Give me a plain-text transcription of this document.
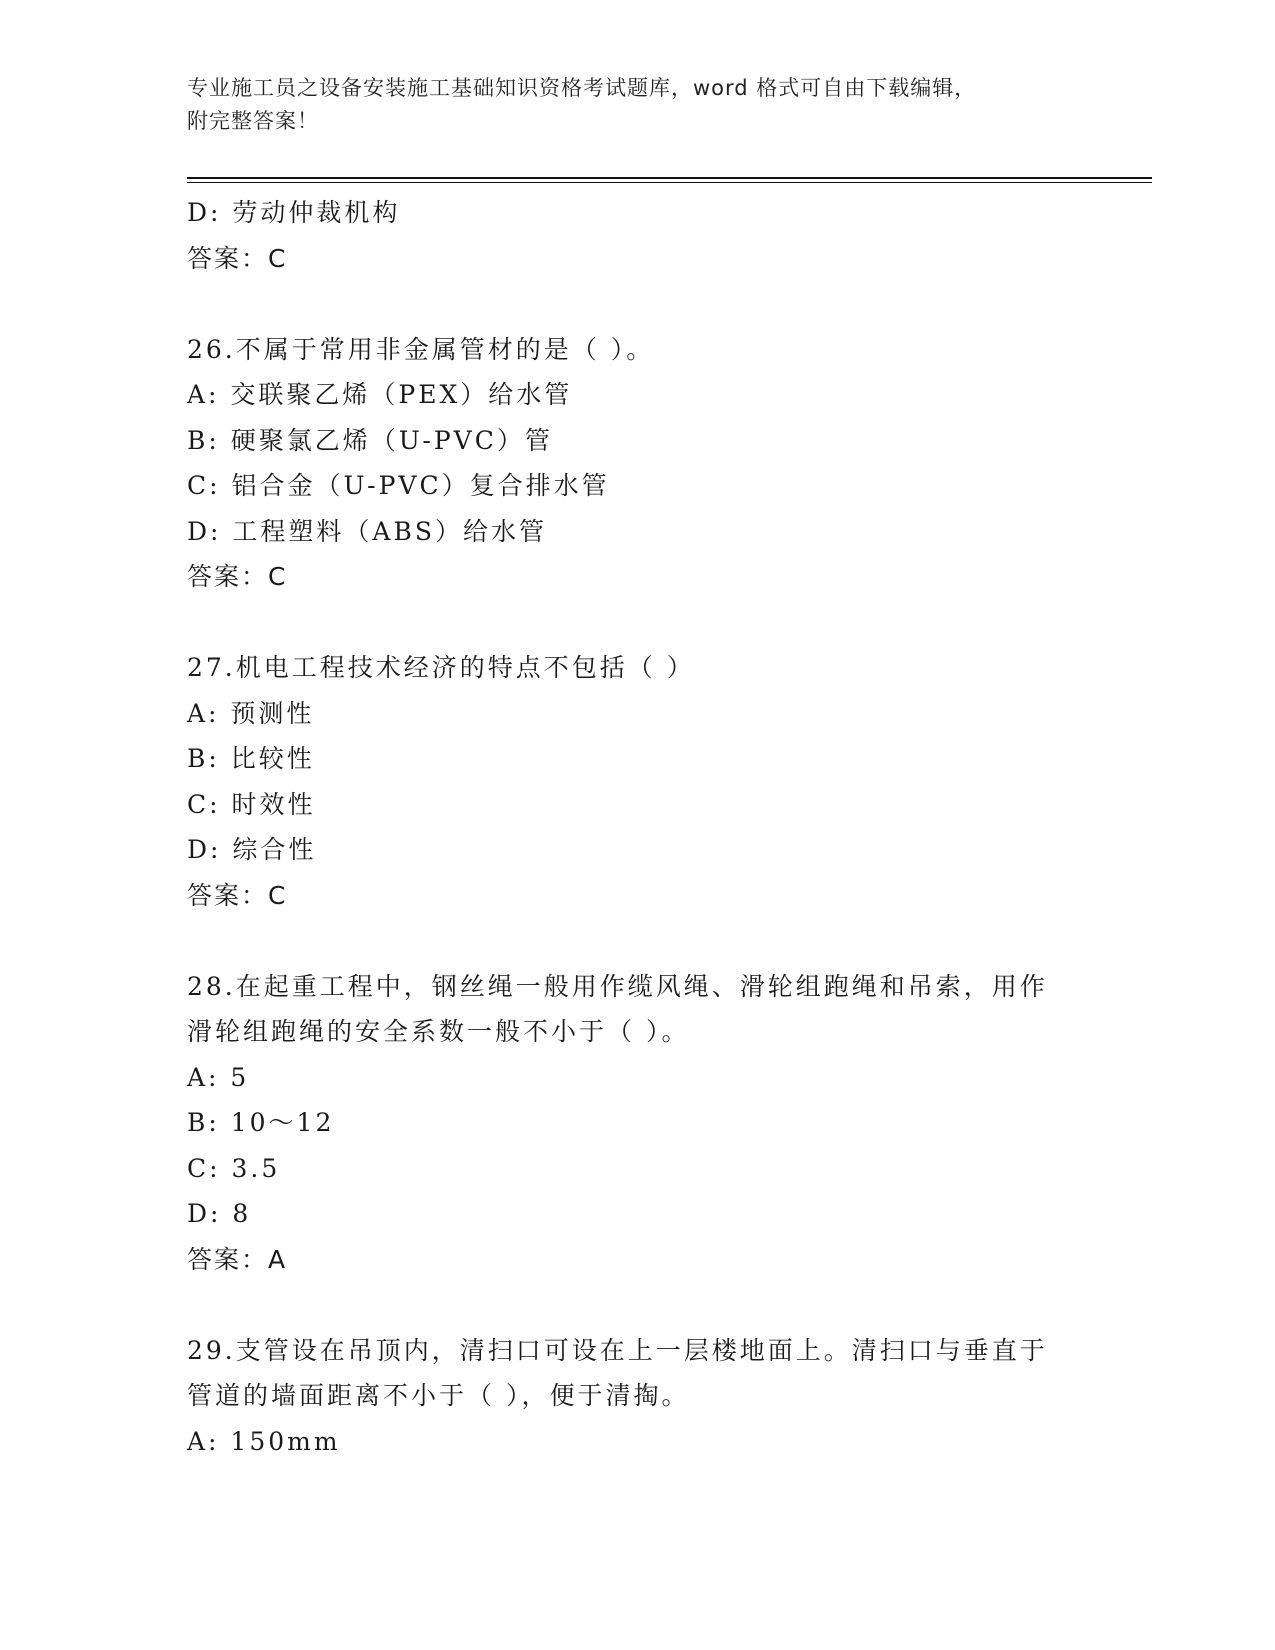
专业施工员之设备安装施工基础知识资格考试题库，word 格式可自由下载编辑，
附完整答案！
D: 劳动仲裁机构
答案：C
26.不属于常用非金属管材的是（ ）。
A: 交联聚乙烯（PEX）给水管
B: 硬聚氯乙烯（U-PVC）管
C: 铝合金（U-PVC）复合排水管
D: 工程塑料（ABS）给水管
答案：C
27.机电工程技术经济的特点不包括（ ）
A: 预测性
B: 比较性
C: 时效性
D: 综合性
答案：C
28.在起重工程中，钢丝绳一般用作缆风绳、滑轮组跑绳和吊索，用作
滑轮组跑绳的安全系数一般不小于（ ）。
A: 5
B: 10～12
C: 3.5
D: 8
答案：A
29.支管设在吊顶内，清扫口可设在上一层楼地面上。清扫口与垂直于
管道的墙面距离不小于（ ），便于清掏。
A: 150mm
